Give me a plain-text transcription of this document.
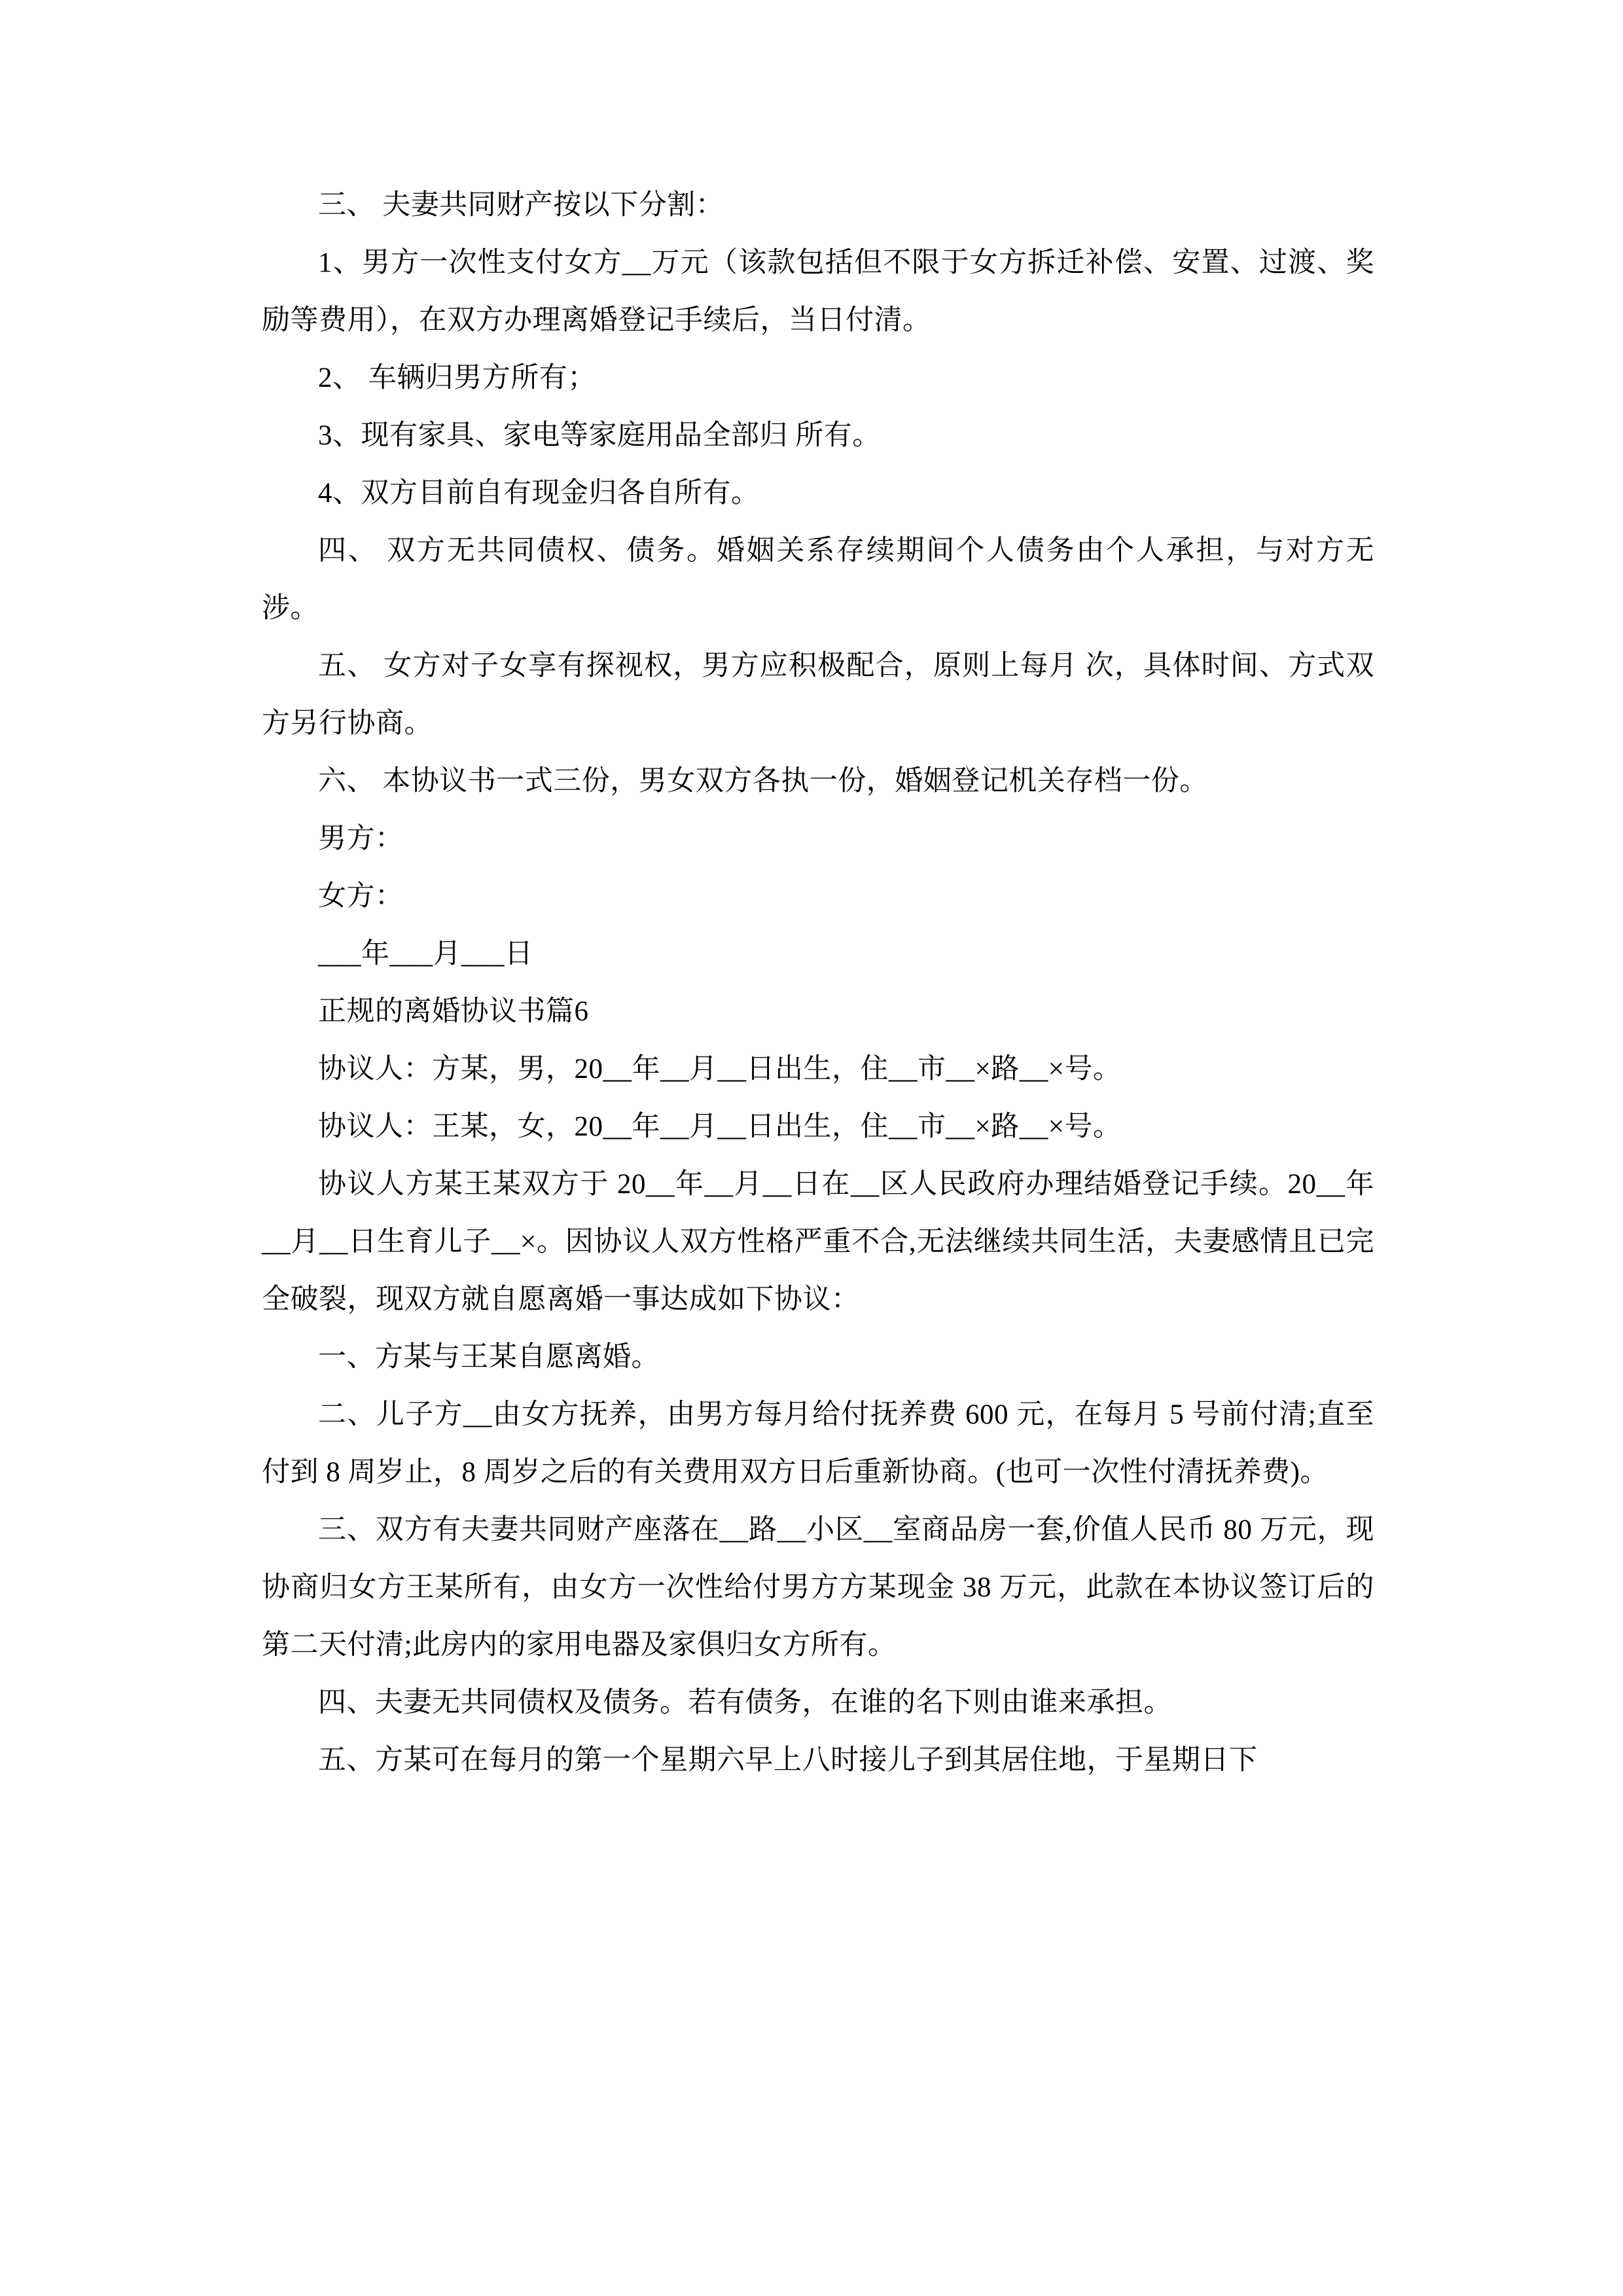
三、 夫妻共同财产按以下分割：

1、男方一次性支付女方__万元（该款包括但不限于女方拆迁补偿、安置、过渡、奖励等费用），在双方办理离婚登记手续后，当日付清。

2、 车辆归男方所有；

3、现有家具、家电等家庭用品全部归 所有。

4、双方目前自有现金归各自所有。

四、 双方无共同债权、债务。婚姻关系存续期间个人债务由个人承担，与对方无涉。

五、 女方对子女享有探视权，男方应积极配合，原则上每月 次，具体时间、方式双方另行协商。

六、 本协议书一式三份，男女双方各执一份，婚姻登记机关存档一份。

男方：

女方：

___年___月___日

正规的离婚协议书篇6

协议人：方某，男，20__年__月__日出生，住__市__×路__×号。

协议人：王某，女，20__年__月__日出生，住__市__×路__×号。

协议人方某王某双方于 20__年__月__日在__区人民政府办理结婚登记手续。20__年__月__日生育儿子__×。因协议人双方性格严重不合,无法继续共同生活，夫妻感情且已完全破裂，现双方就自愿离婚一事达成如下协议：

一、方某与王某自愿离婚。

二、儿子方__由女方抚养，由男方每月给付抚养费 600 元，在每月 5 号前付清;直至付到 8 周岁止，8 周岁之后的有关费用双方日后重新协商。(也可一次性付清抚养费)。

三、双方有夫妻共同财产座落在__路__小区__室商品房一套,价值人民币 80 万元，现协商归女方王某所有，由女方一次性给付男方方某现金 38 万元，此款在本协议签订后的第二天付清;此房内的家用电器及家俱归女方所有。

四、夫妻无共同债权及债务。若有债务，在谁的名下则由谁来承担。

五、方某可在每月的第一个星期六早上八时接儿子到其居住地，于星期日下
